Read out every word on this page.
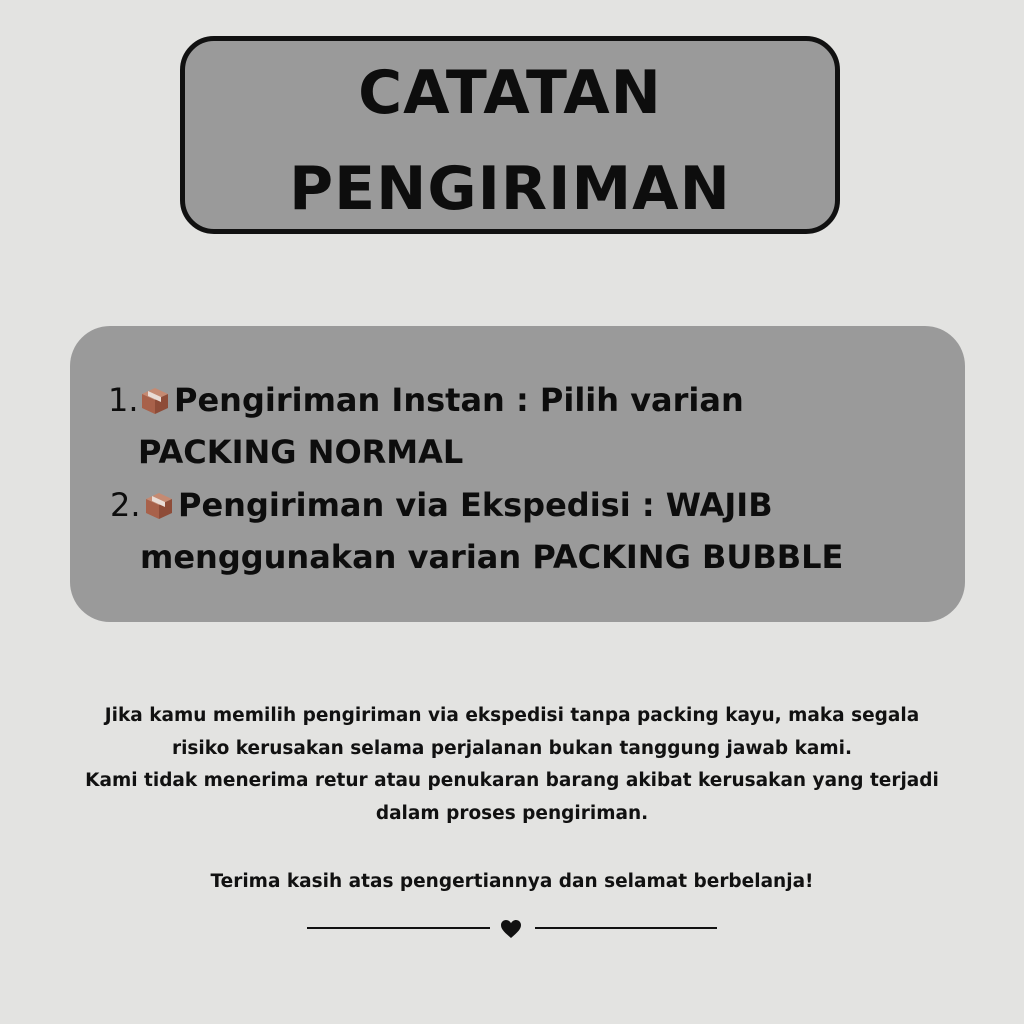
CATATAN
PENGIRIMAN
1. Pengiriman Instan : Pilih varian
PACKING NORMAL
2. Pengiriman via Ekspedisi : WAJIB
menggunakan varian PACKING BUBBLE

Jika kamu memilih pengiriman via ekspedisi tanpa packing kayu, maka segala

risiko kerusakan selama perjalanan bukan tanggung jawab kami.

Kami tidak menerima retur atau penukaran barang akibat kerusakan yang terjadi

dalam proses pengiriman.

Terima kasih atas pengertiannya dan selamat berbelanja!
